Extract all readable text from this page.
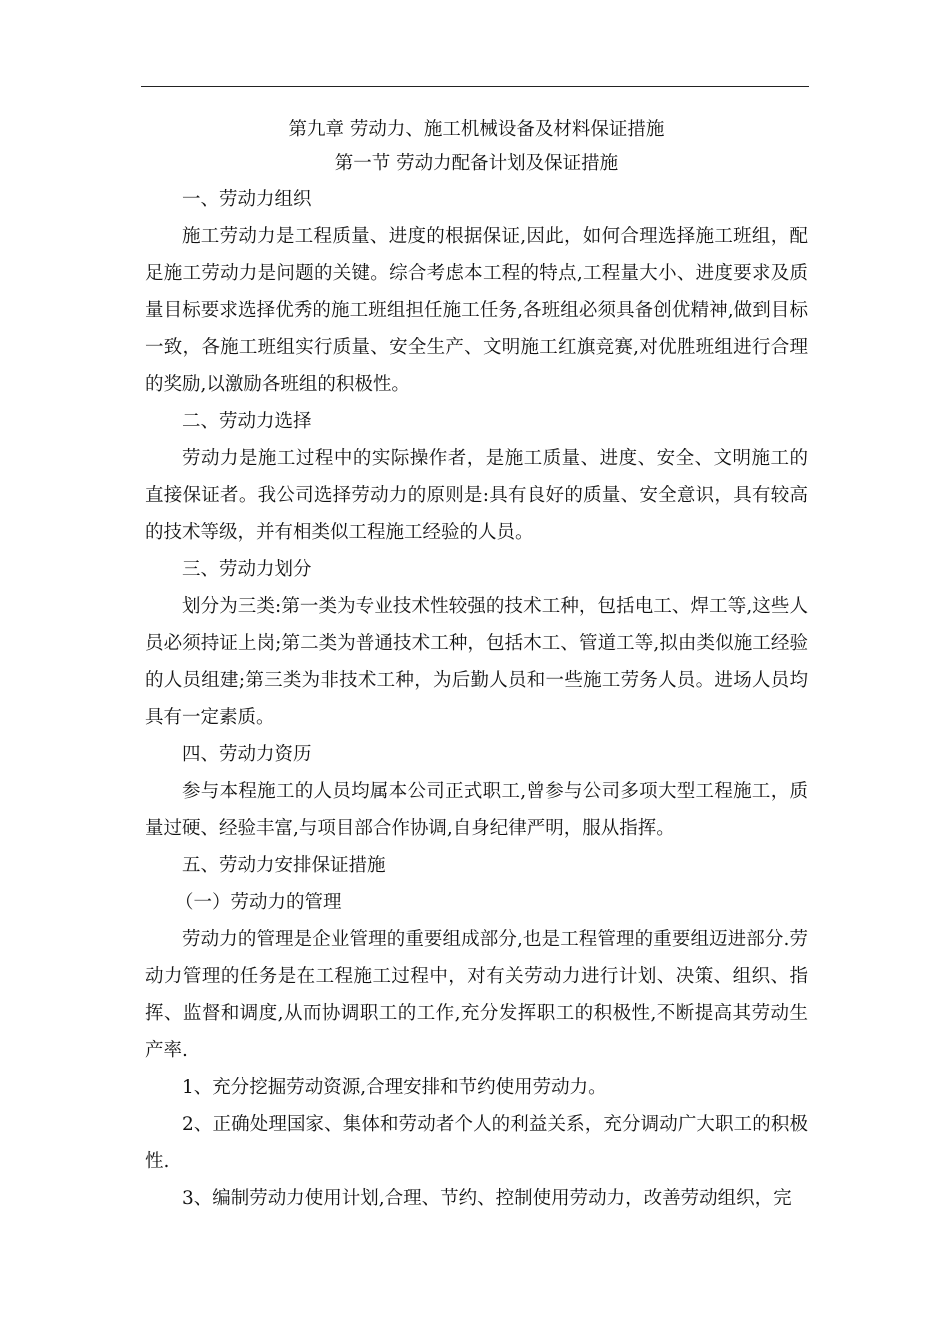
第九章 劳动力、施工机械设备及材料保证措施

第一节 劳动力配备计划及保证措施

一、劳动力组织

施工劳动力是工程质量、进度的根据保证,因此，如何合理选择施工班组，配足施工劳动力是问题的关键。综合考虑本工程的特点,工程量大小、进度要求及质量目标要求选择优秀的施工班组担任施工任务,各班组必须具备创优精神,做到目标一致，各施工班组实行质量、安全生产、文明施工红旗竞赛,对优胜班组进行合理的奖励,以激励各班组的积极性。

二、劳动力选择

劳动力是施工过程中的实际操作者，是施工质量、进度、安全、文明施工的直接保证者。我公司选择劳动力的原则是:具有良好的质量、安全意识，具有较高的技术等级，并有相类似工程施工经验的人员。

三、劳动力划分

划分为三类:第一类为专业技术性较强的技术工种，包括电工、焊工等,这些人员必须持证上岗;第二类为普通技术工种，包括木工、管道工等,拟由类似施工经验的人员组建;第三类为非技术工种，为后勤人员和一些施工劳务人员。进场人员均具有一定素质。

四、劳动力资历

参与本程施工的人员均属本公司正式职工,曾参与公司多项大型工程施工，质量过硬、经验丰富,与项目部合作协调,自身纪律严明，服从指挥。

五、劳动力安排保证措施

（一）劳动力的管理

劳动力的管理是企业管理的重要组成部分,也是工程管理的重要组迈进部分.劳动力管理的任务是在工程施工过程中，对有关劳动力进行计划、决策、组织、指挥、监督和调度,从而协调职工的工作,充分发挥职工的积极性,不断提高其劳动生产率.

1、充分挖掘劳动资源,合理安排和节约使用劳动力。

2、正确处理国家、集体和劳动者个人的利益关系，充分调动广大职工的积极性.

3、编制劳动力使用计划,合理、节约、控制使用劳动力，改善劳动组织，完
